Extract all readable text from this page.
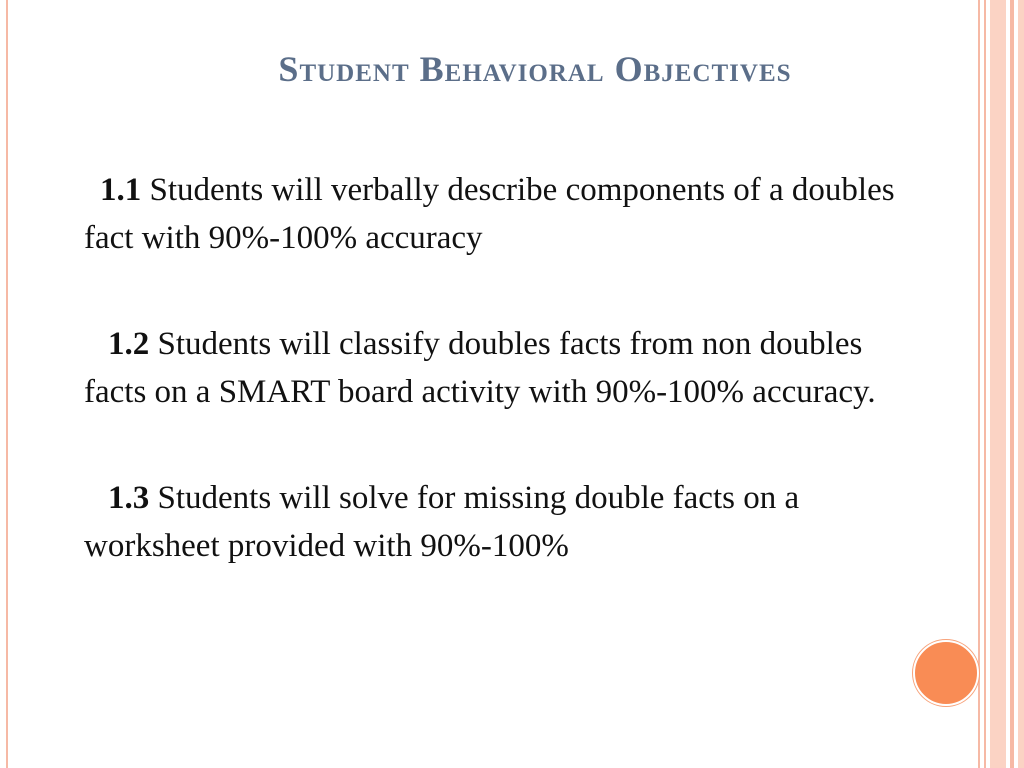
Student Behavioral Objectives
1.1 Students will verbally describe components of a doubles fact with 90%-100% accuracy
1.2 Students will classify doubles facts from non doubles facts on a SMART board activity with 90%-100% accuracy.
1.3 Students will solve for missing double facts on a worksheet provided with 90%-100%
